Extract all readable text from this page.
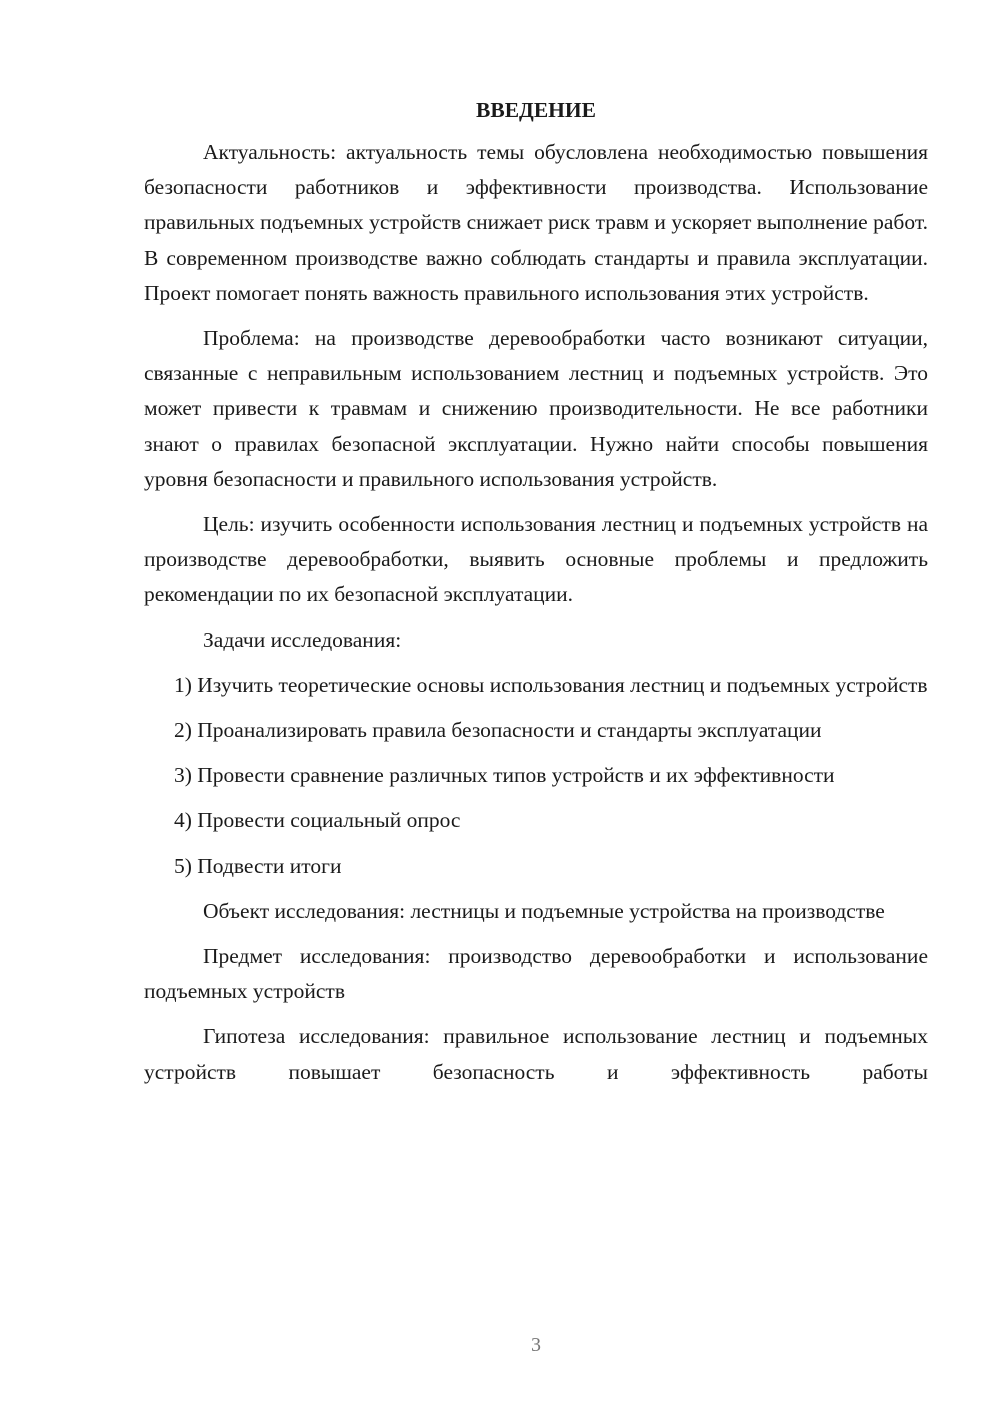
ВВЕДЕНИЕ

Актуальность: актуальность темы обусловлена необходимостью повышения безопасности работников и эффективности производства. Использование правильных подъемных устройств снижает риск травм и ускоряет выполнение работ. В современном производстве важно соблюдать стандарты и правила эксплуатации. Проект помогает понять важность правильного использования этих устройств.

Проблема: на производстве деревообработки часто возникают ситуации, связанные с неправильным использованием лестниц и подъемных устройств. Это может привести к травмам и снижению производительности. Не все работники знают о правилах безопасной эксплуатации. Нужно найти способы повышения уровня безопасности и правильного использования устройств.

Цель: изучить особенности использования лестниц и подъемных устройств на производстве деревообработки, выявить основные проблемы и предложить рекомендации по их безопасной эксплуатации.

Задачи исследования:

1) Изучить теоретические основы использования лестниц и подъемных устройств

2) Проанализировать правила безопасности и стандарты эксплуатации

3) Провести сравнение различных типов устройств и их эффективности

4) Провести социальный опрос

5) Подвести итоги

Объект исследования: лестницы и подъемные устройства на производстве

Предмет исследования: производство деревообработки и использование подъемных устройств

Гипотеза исследования: правильное использование лестниц и подъемных устройств повышает безопасность и эффективность работы

3
